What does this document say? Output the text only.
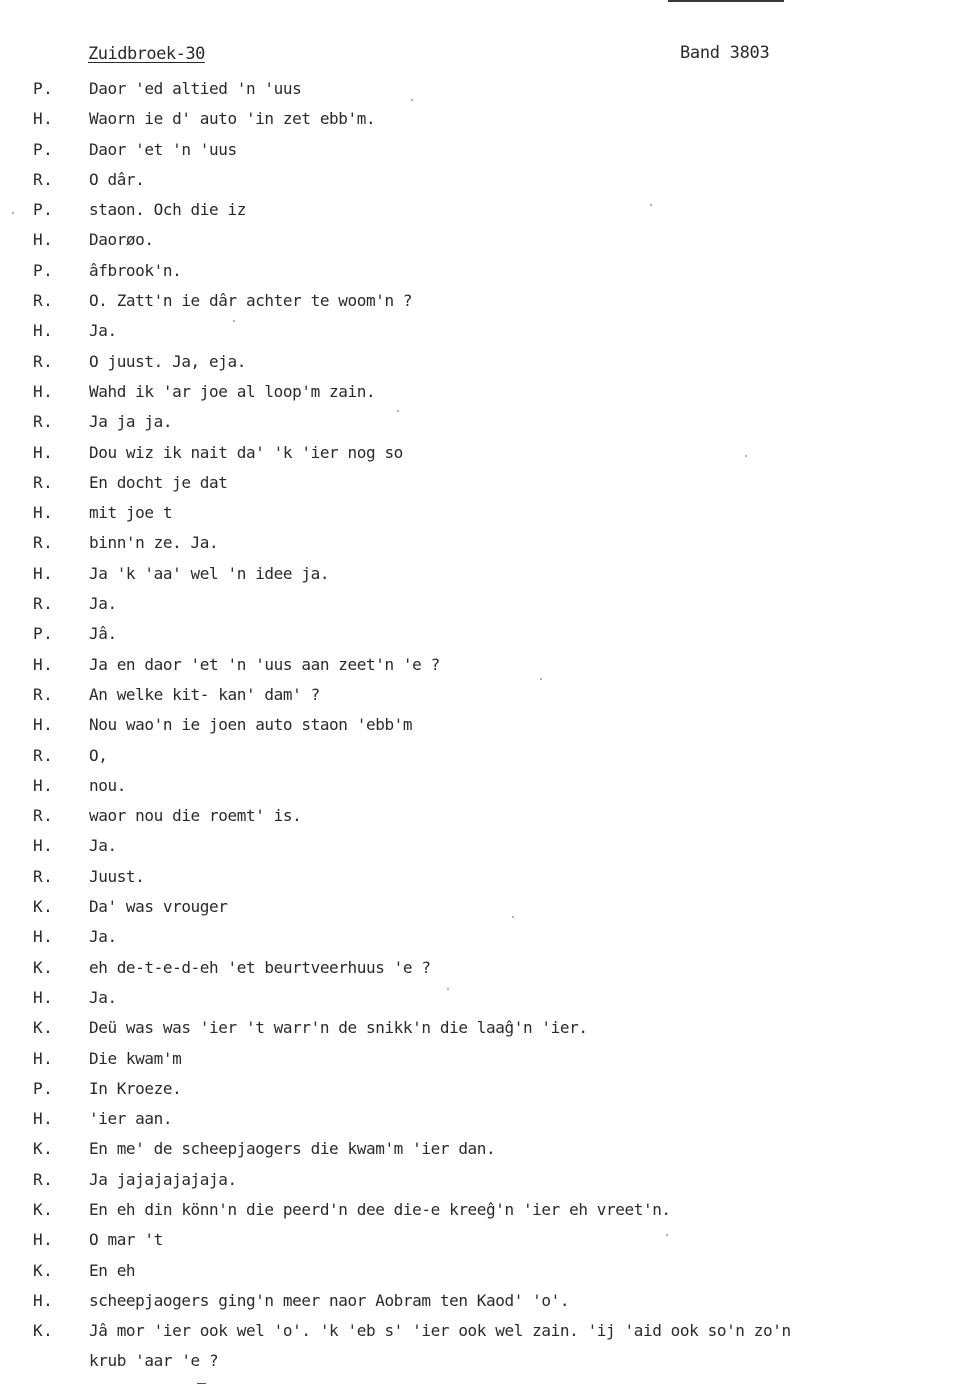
Zuidbroek-30	Band 3803
P. Daor 'ed altied 'n 'uus
H. Waorn ie d' auto 'in zet ebb'm.
P. Daor 'et 'n 'uus
R. O dâr.
P. staon. Och die iz
H. Daorøo.
P. âfbrook'n.
R. O. Zatt'n ie dâr achter te woom'n ?
H. Ja.
R. O juust. Ja, eja.
H. Wahd ik 'ar joe al loop'm zain.
R. Ja ja ja.
H. Dou wiz ik nait da' 'k 'ier nog so
R. En docht je dat
H. mit joe t
R. binn'n ze. Ja.
H. Ja 'k 'aa' wel 'n idee ja.
R. Ja.
P. Jâ.
H. Ja en daor 'et 'n 'uus aan zeet'n 'e ?
R. An welke kit- kan' dam' ?
H. Nou wao'n ie joen auto staon 'ebb'm
R. O,
H. nou.
R. waor nou die roemt' is.
H. Ja.
R. Juust.
K. Da' was vrouger
H. Ja.
K. eh de-t-e-d-eh 'et beurtveerhuus 'e ?
H. Ja.
K. Deü was was 'ier 't warr'n de snikk'n die laaĝ'n 'ier.
H. Die kwam'm
P. In Kroeze.
H. 'ier aan.
K. En me' de scheepjaogers die kwam'm 'ier dan.
R. Ja jajajajajaja.
K. En eh din könn'n die peerd'n dee die-e kreeĝ'n 'ier eh vreet'n.
H. O mar 't
K. En eh
H. scheepjaogers ging'n meer naor Aobram ten Kaod' 'o'.
K. Jâ mor 'ier ook wel 'o'. 'k 'eb s' 'ier ook wel zain. 'ij 'aid ook so'n zo'n
krub 'aar 'e ?
